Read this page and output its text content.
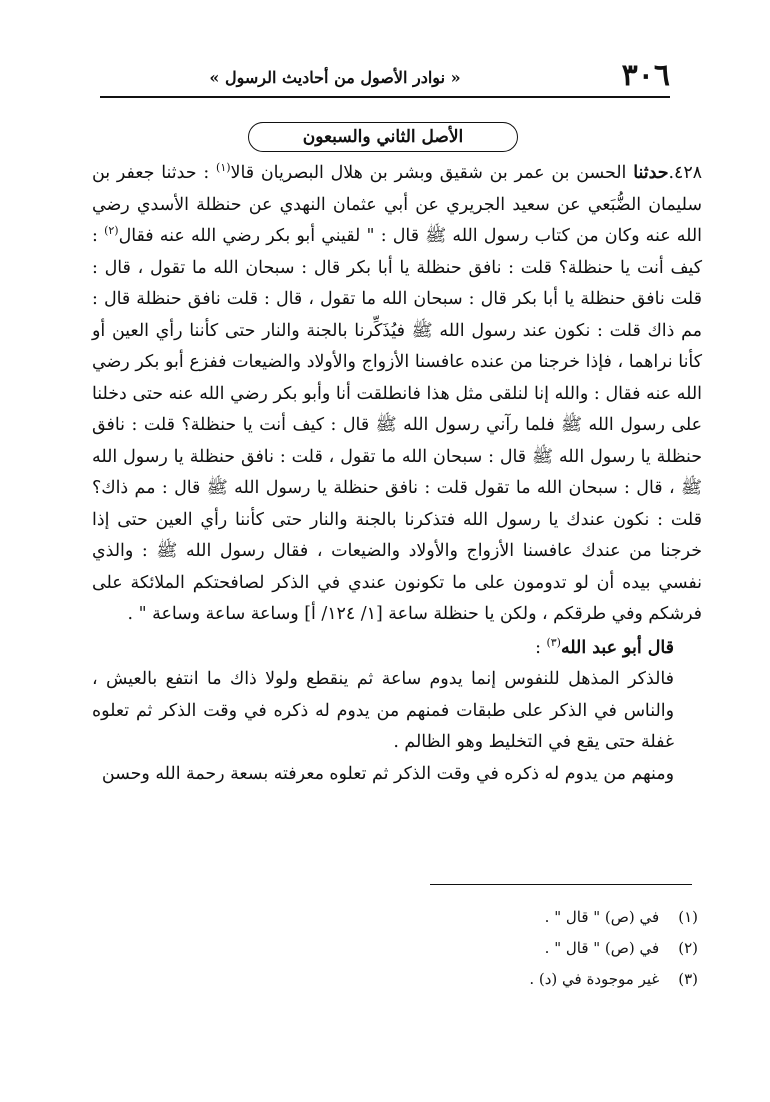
٣٠٦
« نوادر الأصول من أحاديث الرسول »
الأصل الثاني والسبعون

٤٢٨.حدثنا الحسن بن عمر بن شقيق وبشر بن هلال البصريان قالا$^{(١)}$ : حدثنا جعفر بن سليمان الضُّبَعي عن سعيد الجريري عن أبي عثمان النهدي عن حنظلة الأسدي رضي الله عنه وكان من كتاب رسول الله ﷺ قال : " لقيني أبو بكر رضي الله عنه فقال$^{(٢)}$ : كيف أنت يا حنظلة؟ قلت : نافق حنظلة يا أبا بكر قال : سبحان الله ما تقول ، قال : قلت نافق حنظلة يا أبا بكر قال : سبحان الله ما تقول ، قال : قلت نافق حنظلة قال : مم ذاك قلت : نكون عند رسول الله ﷺ فيُذَكِّرنا بالجنة والنار حتى كأننا رأي العين أو كأنا نراهما ، فإذا خرجنا من عنده عافسنا الأزواج والأولاد والضيعات ففزع أبو بكر رضي الله عنه فقال : والله إنا لنلقى مثل هذا فانطلقت أنا وأبو بكر رضي الله عنه حتى دخلنا على رسول الله ﷺ فلما رآني رسول الله ﷺ قال : كيف أنت يا حنظلة؟ قلت : نافق حنظلة يا رسول الله ﷺ قال : سبحان الله ما تقول ، قلت : نافق حنظلة يا رسول الله ﷺ ، قال : سبحان الله ما تقول قلت : نافق حنظلة يا رسول الله ﷺ قال : مم ذاك؟ قلت : نكون عندك يا رسول الله فتذكرنا بالجنة والنار حتى كأننا رأي العين حتى إذا خرجنا من عندك عافسنا الأزواج والأولاد والضيعات ، فقال رسول الله ﷺ : والذي نفسي بيده أن لو تدومون على ما تكونون عندي في الذكر لصافحتكم الملائكة على فرشكم وفي طرقكم ، ولكن يا حنظلة ساعة [١/ ١٢٤/ أ] وساعة ساعة وساعة " .

قال أبو عبد الله$^{(٣)}$ :

فالذكر المذهل للنفوس إنما يدوم ساعة ثم ينقطع ولولا ذاك ما انتفع بالعيش ، والناس في الذكر على طبقات فمنهم من يدوم له ذكره في وقت الذكر ثم تعلوه غفلة حتى يقع في التخليط وهو الظالم .

ومنهم من يدوم له ذكره في وقت الذكر ثم تعلوه معرفته بسعة رحمة الله وحسن

(١) في (ص) " قال " .

(٢) في (ص) " قال " .

(٣) غير موجودة في (د) .
